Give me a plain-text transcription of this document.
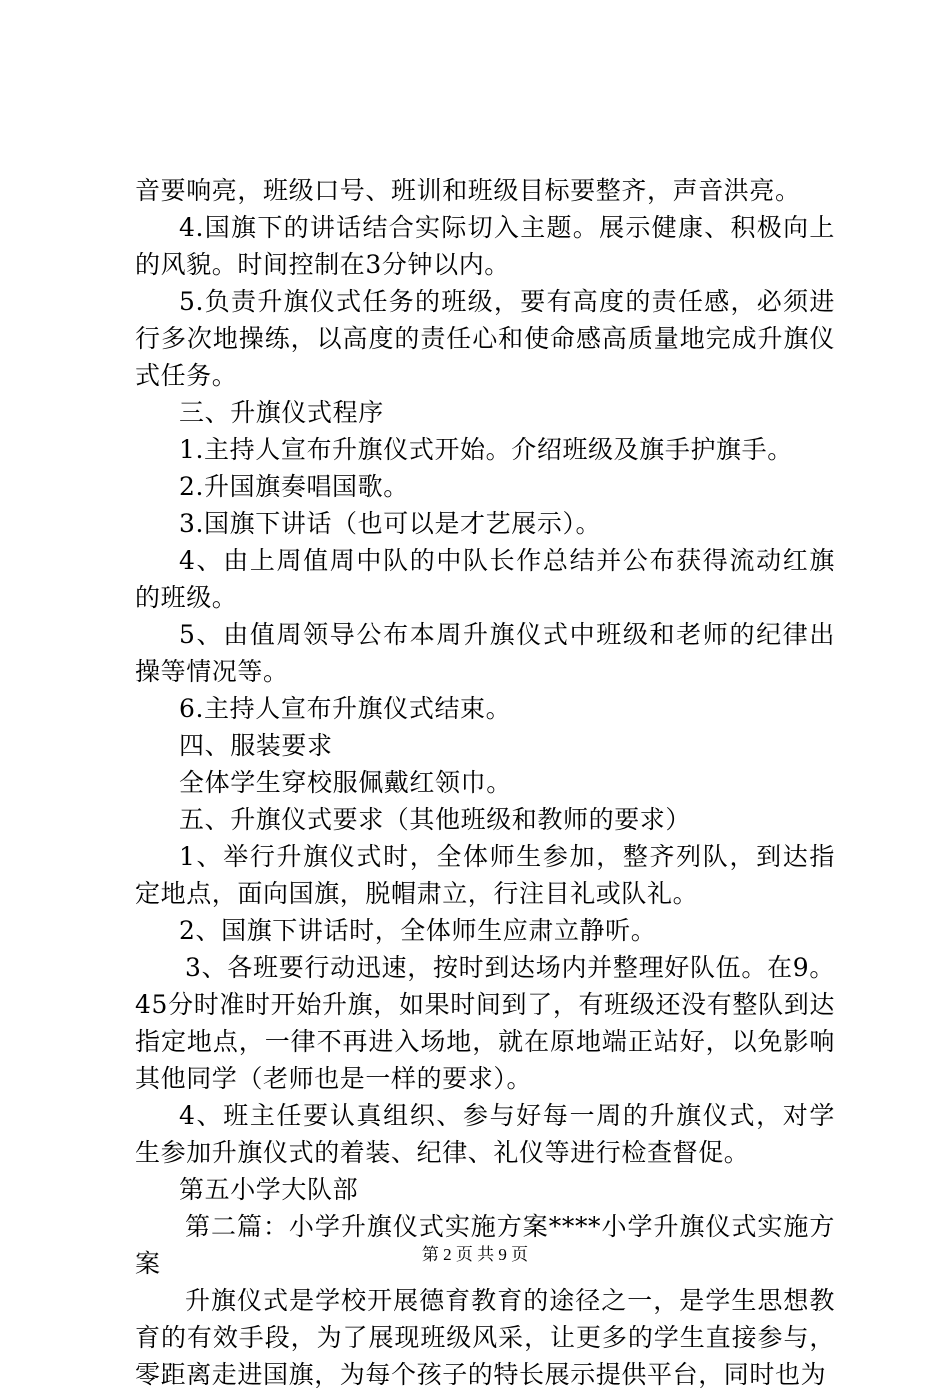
音要响亮，班级口号、班训和班级目标要整齐，声音洪亮。

4.国旗下的讲话结合实际切入主题。展示健康、积极向上的风貌。时间控制在3分钟以内。

5.负责升旗仪式任务的班级，要有高度的责任感，必须进行多次地操练，以高度的责任心和使命感高质量地完成升旗仪式任务。

三、升旗仪式程序

1.主持人宣布升旗仪式开始。介绍班级及旗手护旗手。

2.升国旗奏唱国歌。

3.国旗下讲话（也可以是才艺展示）。

4、由上周值周中队的中队长作总结并公布获得流动红旗的班级。

5、由值周领导公布本周升旗仪式中班级和老师的纪律出操等情况等。

6.主持人宣布升旗仪式结束。

四、服装要求

全体学生穿校服佩戴红领巾。

五、升旗仪式要求（其他班级和教师的要求）

1、举行升旗仪式时，全体师生参加，整齐列队，到达指定地点，面向国旗，脱帽肃立，行注目礼或队礼。

2、国旗下讲话时，全体师生应肃立静听。

3、各班要行动迅速，按时到达场内并整理好队伍。在9。45分时准时开始升旗，如果时间到了，有班级还没有整队到达指定地点，一律不再进入场地，就在原地端正站好，以免影响其他同学（老师也是一样的要求）。

4、班主任要认真组织、参与好每一周的升旗仪式，对学生参加升旗仪式的着装、纪律、礼仪等进行检查督促。

第五小学大队部

第二篇：小学升旗仪式实施方案****小学升旗仪式实施方案

升旗仪式是学校开展德育教育的途径之一，是学生思想教育的有效手段，为了展现班级风采，让更多的学生直接参与，零距离走进国旗，为每个孩子的特长展示提供平台，同时也为

第 2 页 共 9 页
